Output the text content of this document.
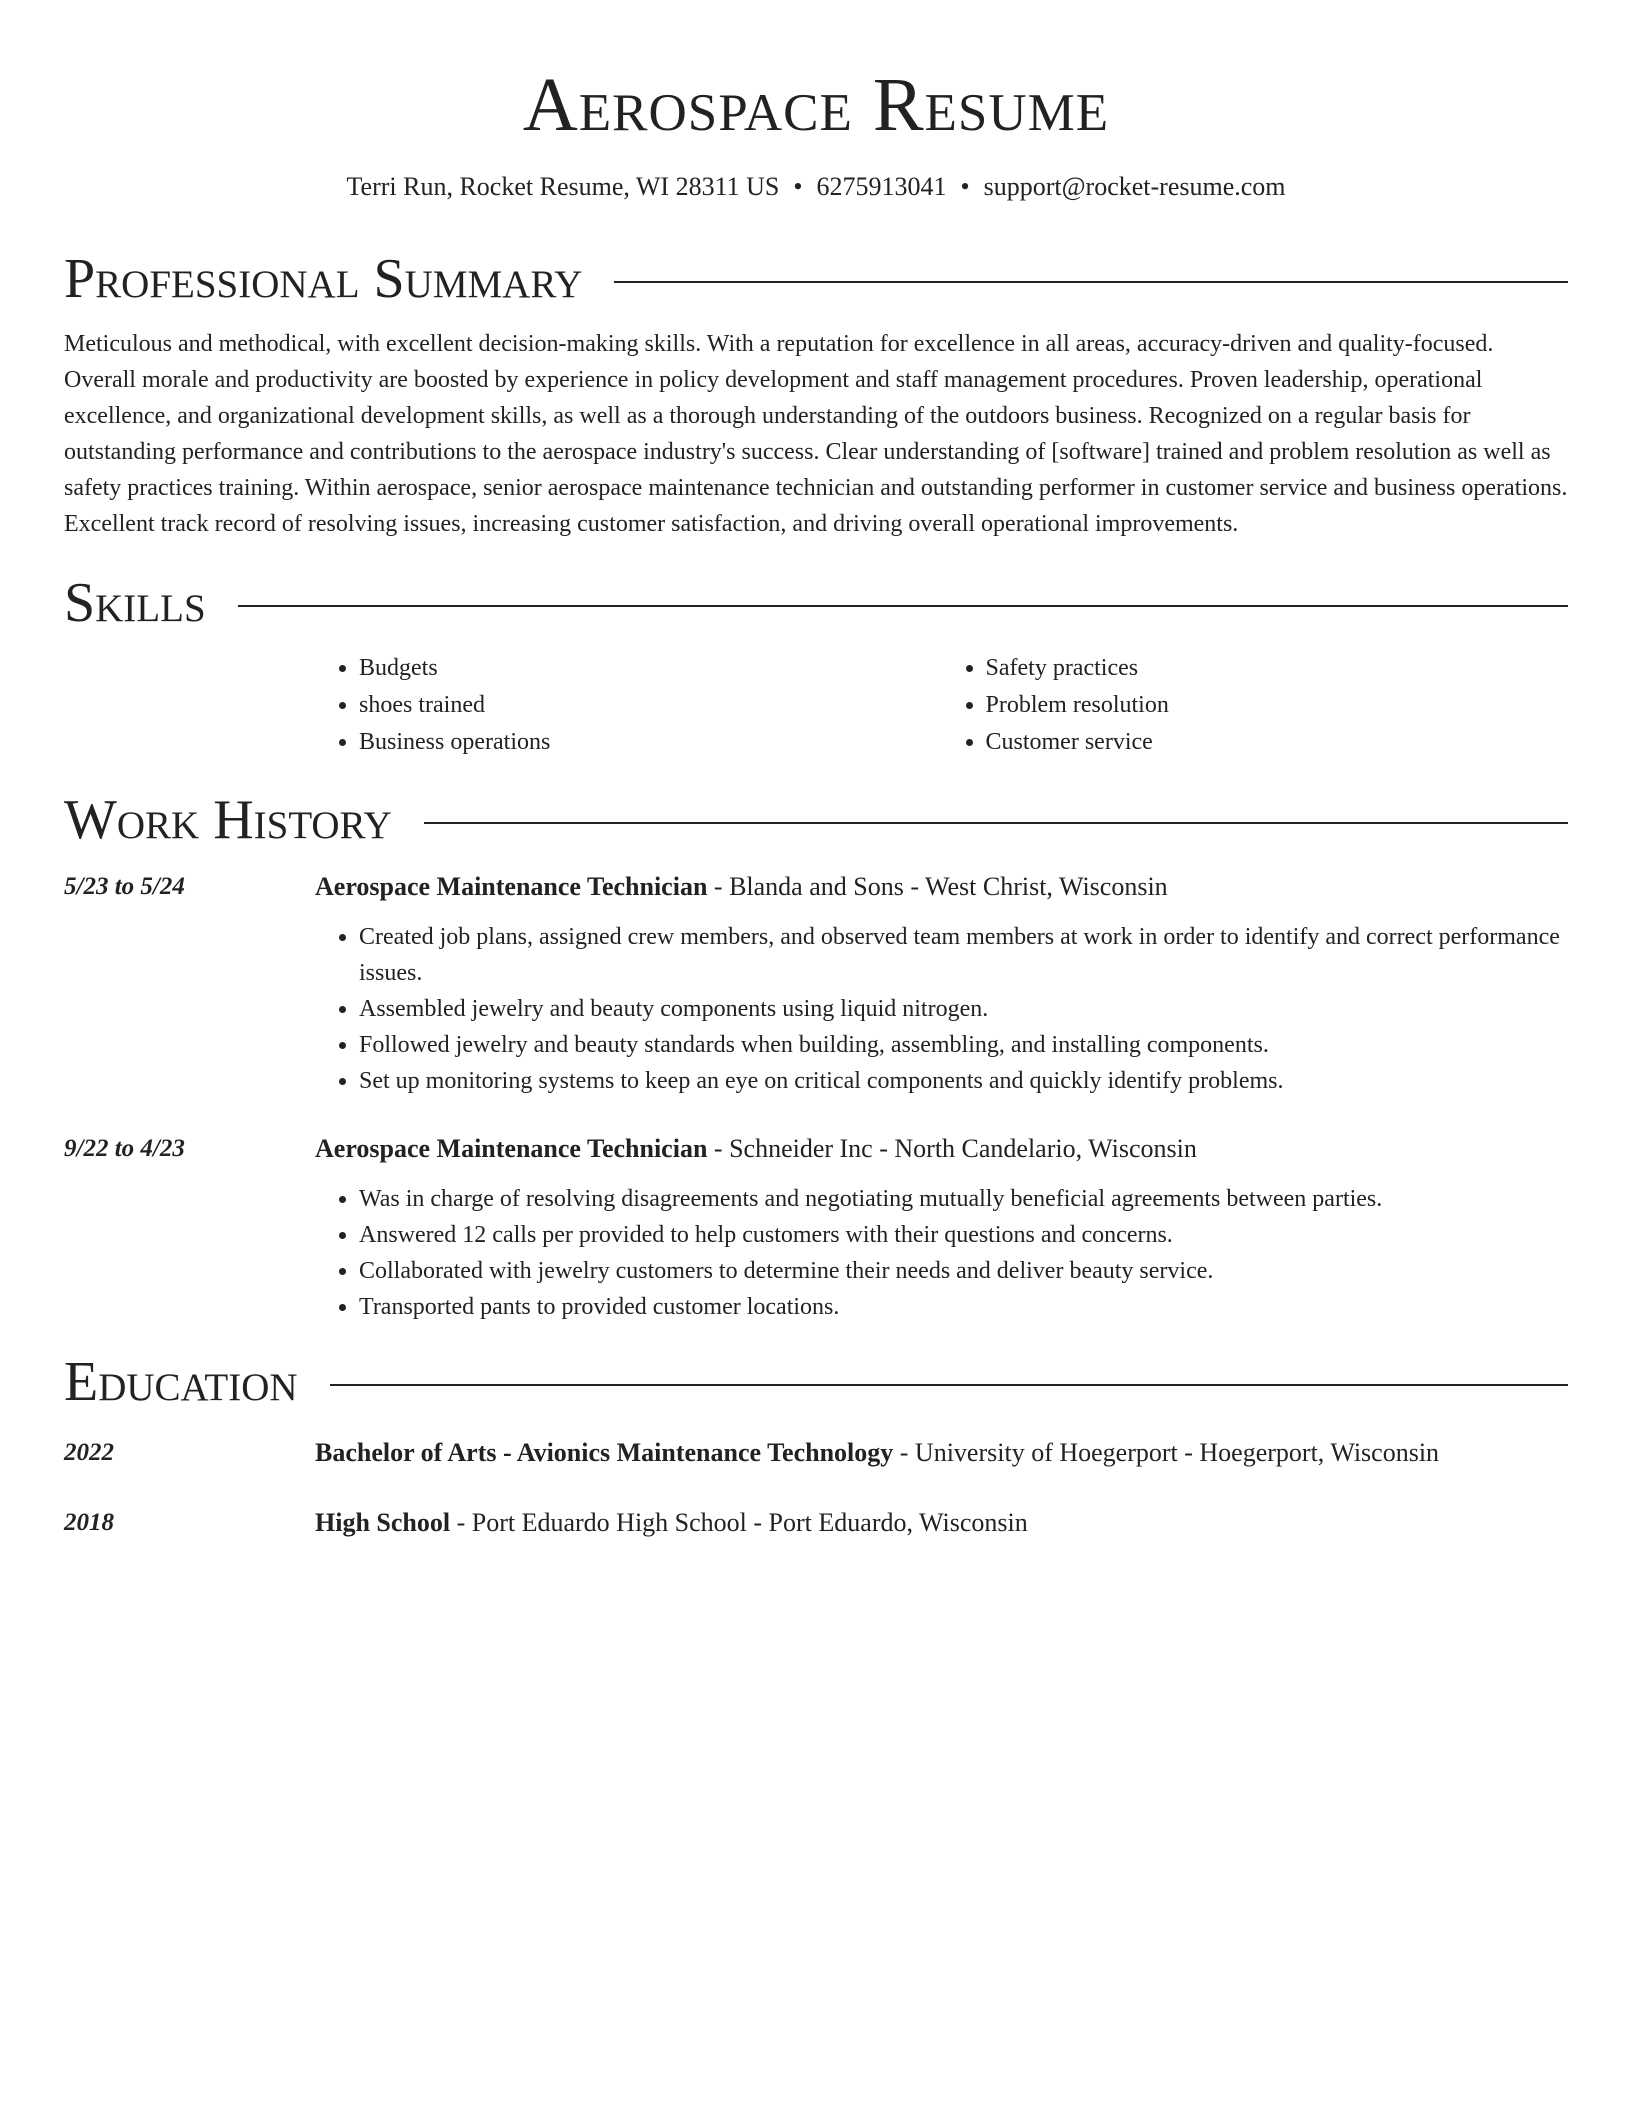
Aerospace Resume
Terri Run, Rocket Resume, WI 28311 US • 6275913041 • support@rocket-resume.com
Professional Summary

Meticulous and methodical, with excellent decision-making skills. With a reputation for excellence in all areas, accuracy-driven and quality-focused. Overall morale and productivity are boosted by experience in policy development and staff management procedures. Proven leadership, operational excellence, and organizational development skills, as well as a thorough understanding of the outdoors business. Recognized on a regular basis for outstanding performance and contributions to the aerospace industry's success. Clear understanding of [software] trained and problem resolution as well as safety practices training. Within aerospace, senior aerospace maintenance technician and outstanding performer in customer service and business operations. Excellent track record of resolving issues, increasing customer satisfaction, and driving overall operational improvements.

Skills
• Budgets
• shoes trained
• Business operations
• Safety practices
• Problem resolution
• Customer service
Work History
5/23 to 5/24	Aerospace Maintenance Technician - Blanda and Sons - West Christ, Wisconsin
• Created job plans, assigned crew members, and observed team members at work in order to identify and correct performance issues.
• Assembled jewelry and beauty components using liquid nitrogen.
• Followed jewelry and beauty standards when building, assembling, and installing components.
• Set up monitoring systems to keep an eye on critical components and quickly identify problems.
9/22 to 4/23	Aerospace Maintenance Technician - Schneider Inc - North Candelario, Wisconsin
• Was in charge of resolving disagreements and negotiating mutually beneficial agreements between parties.
• Answered 12 calls per provided to help customers with their questions and concerns.
• Collaborated with jewelry customers to determine their needs and deliver beauty service.
• Transported pants to provided customer locations.
Education
2022	Bachelor of Arts - Avionics Maintenance Technology - University of Hoegerport - Hoegerport, Wisconsin
2018	High School - Port Eduardo High School - Port Eduardo, Wisconsin
